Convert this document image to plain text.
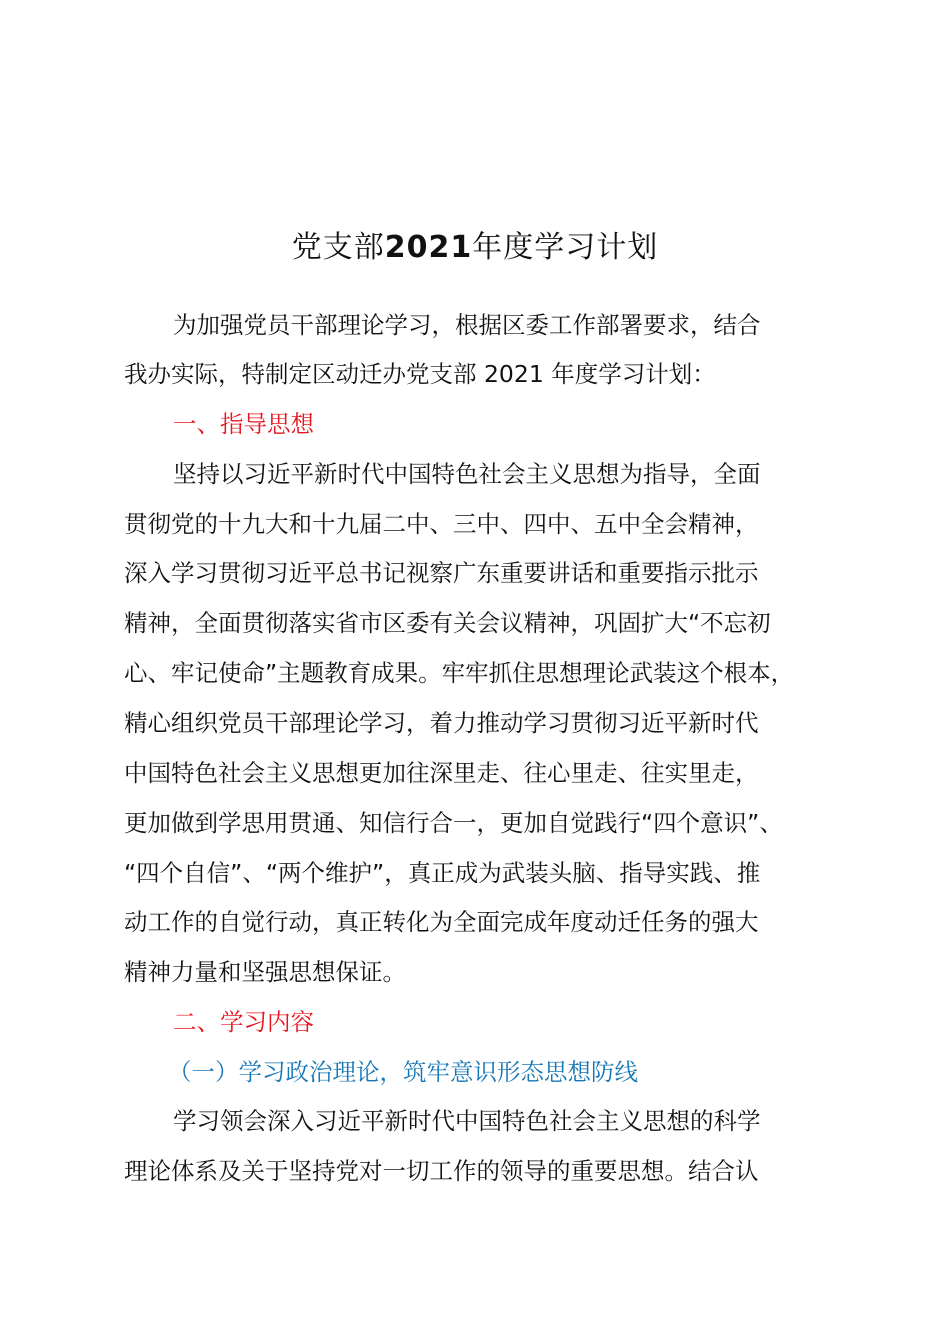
党支部2021年度学习计划

为加强党员干部理论学习，根据区委工作部署要求，结合

我办实际，特制定区动迁办党支部 2021 年度学习计划：

一、指导思想

坚持以习近平新时代中国特色社会主义思想为指导，全面

贯彻党的十九大和十九届二中、三中、四中、五中全会精神，

深入学习贯彻习近平总书记视察广东重要讲话和重要指示批示

精神，全面贯彻落实省市区委有关会议精神，巩固扩大“不忘初

心、牢记使命”主题教育成果。牢牢抓住思想理论武装这个根本，

精心组织党员干部理论学习，着力推动学习贯彻习近平新时代

中国特色社会主义思想更加往深里走、往心里走、往实里走，

更加做到学思用贯通、知信行合一，更加自觉践行“四个意识”、

“四个自信”、“两个维护”，真正成为武装头脑、指导实践、推

动工作的自觉行动，真正转化为全面完成年度动迁任务的强大

精神力量和坚强思想保证。

二、学习内容

（一）学习政治理论，筑牢意识形态思想防线

学习领会深入习近平新时代中国特色社会主义思想的科学

理论体系及关于坚持党对一切工作的领导的重要思想。结合认
